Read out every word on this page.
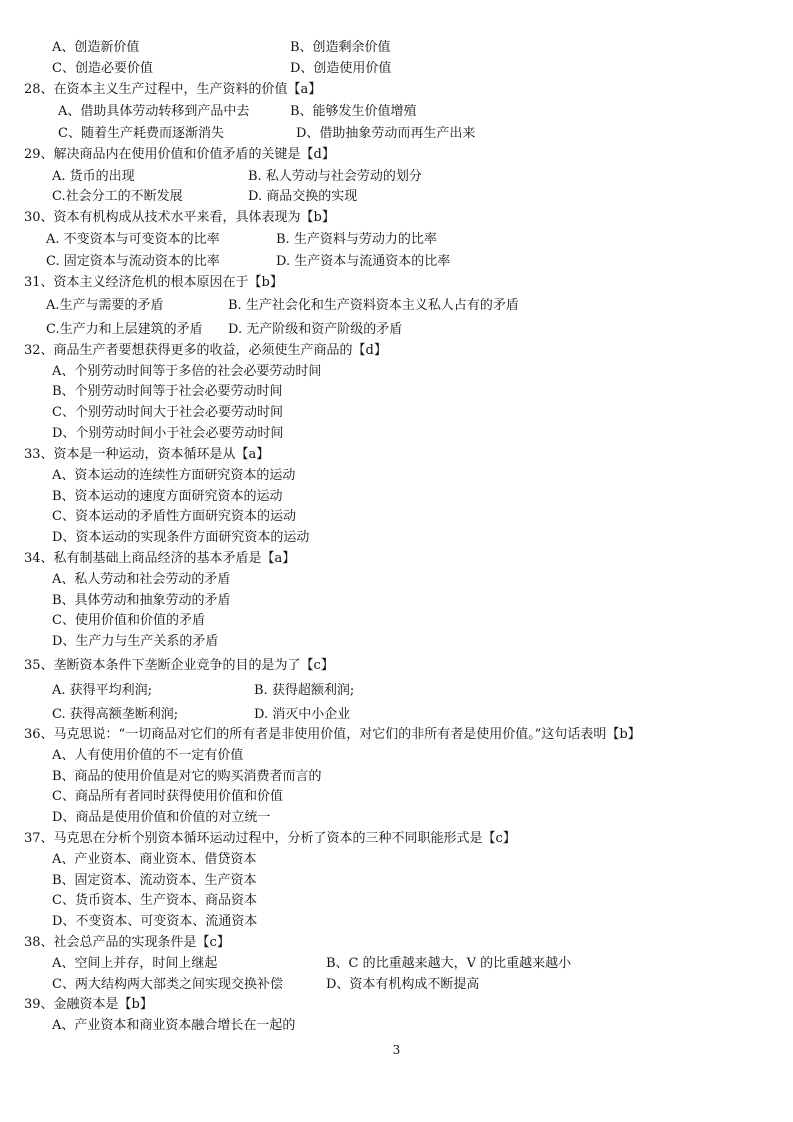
A、创造新价值	B、创造剩余价值
C、创造必要价值	D、创造使用价值
28、在资本主义生产过程中，生产资料的价值【a】
A、借助具体劳动转移到产品中去	B、能够发生价值增殖
C、随着生产耗费而逐渐消失	D、借助抽象劳动而再生产出来
29、解决商品内在使用价值和价值矛盾的关键是【d】
A. 货币的出现	B. 私人劳动与社会劳动的划分
C.社会分工的不断发展	D. 商品交换的实现
30、资本有机构成从技术水平来看，具体表现为【b】
A. 不变资本与可变资本的比率	B. 生产资料与劳动力的比率
C. 固定资本与流动资本的比率	D. 生产资本与流通资本的比率
31、资本主义经济危机的根本原因在于【b】
A.生产与需要的矛盾	B. 生产社会化和生产资料资本主义私人占有的矛盾
C.生产力和上层建筑的矛盾 D. 无产阶级和资产阶级的矛盾
32、商品生产者要想获得更多的收益，必须使生产商品的【d】
A、个别劳动时间等于多倍的社会必要劳动时间
B、个别劳动时间等于社会必要劳动时间
C、个别劳动时间大于社会必要劳动时间
D、个别劳动时间小于社会必要劳动时间
33、资本是一种运动，资本循环是从【a】
A、资本运动的连续性方面研究资本的运动
B、资本运动的速度方面研究资本的运动
C、资本运动的矛盾性方面研究资本的运动
D、资本运动的实现条件方面研究资本的运动
34、私有制基础上商品经济的基本矛盾是【a】
A、私人劳动和社会劳动的矛盾
B、具体劳动和抽象劳动的矛盾
C、使用价值和价值的矛盾
D、生产力与生产关系的矛盾
35、垄断资本条件下垄断企业竞争的目的是为了【c】
A. 获得平均利润;	B. 获得超额利润;
C. 获得高额垄断利润;	D. 消灭中小企业
36、马克思说：“一切商品对它们的所有者是非使用价值，对它们的非所有者是使用价值。”这句话表明【b】
A、人有使用价值的不一定有价值
B、商品的使用价值是对它的购买消费者而言的
C、商品所有者同时获得使用价值和价值
D、商品是使用价值和价值的对立统一
37、马克思在分析个别资本循环运动过程中，分析了资本的三种不同职能形式是【c】
A、产业资本、商业资本、借贷资本
B、固定资本、流动资本、生产资本
C、货币资本、生产资本、商品资本
D、不变资本、可变资本、流通资本
38、社会总产品的实现条件是【c】
A、空间上并存，时间上继起	B、C 的比重越来越大，V 的比重越来越小
C、两大结构两大部类之间实现交换补偿	D、资本有机构成不断提高
39、金融资本是【b】
A、产业资本和商业资本融合增长在一起的
3
